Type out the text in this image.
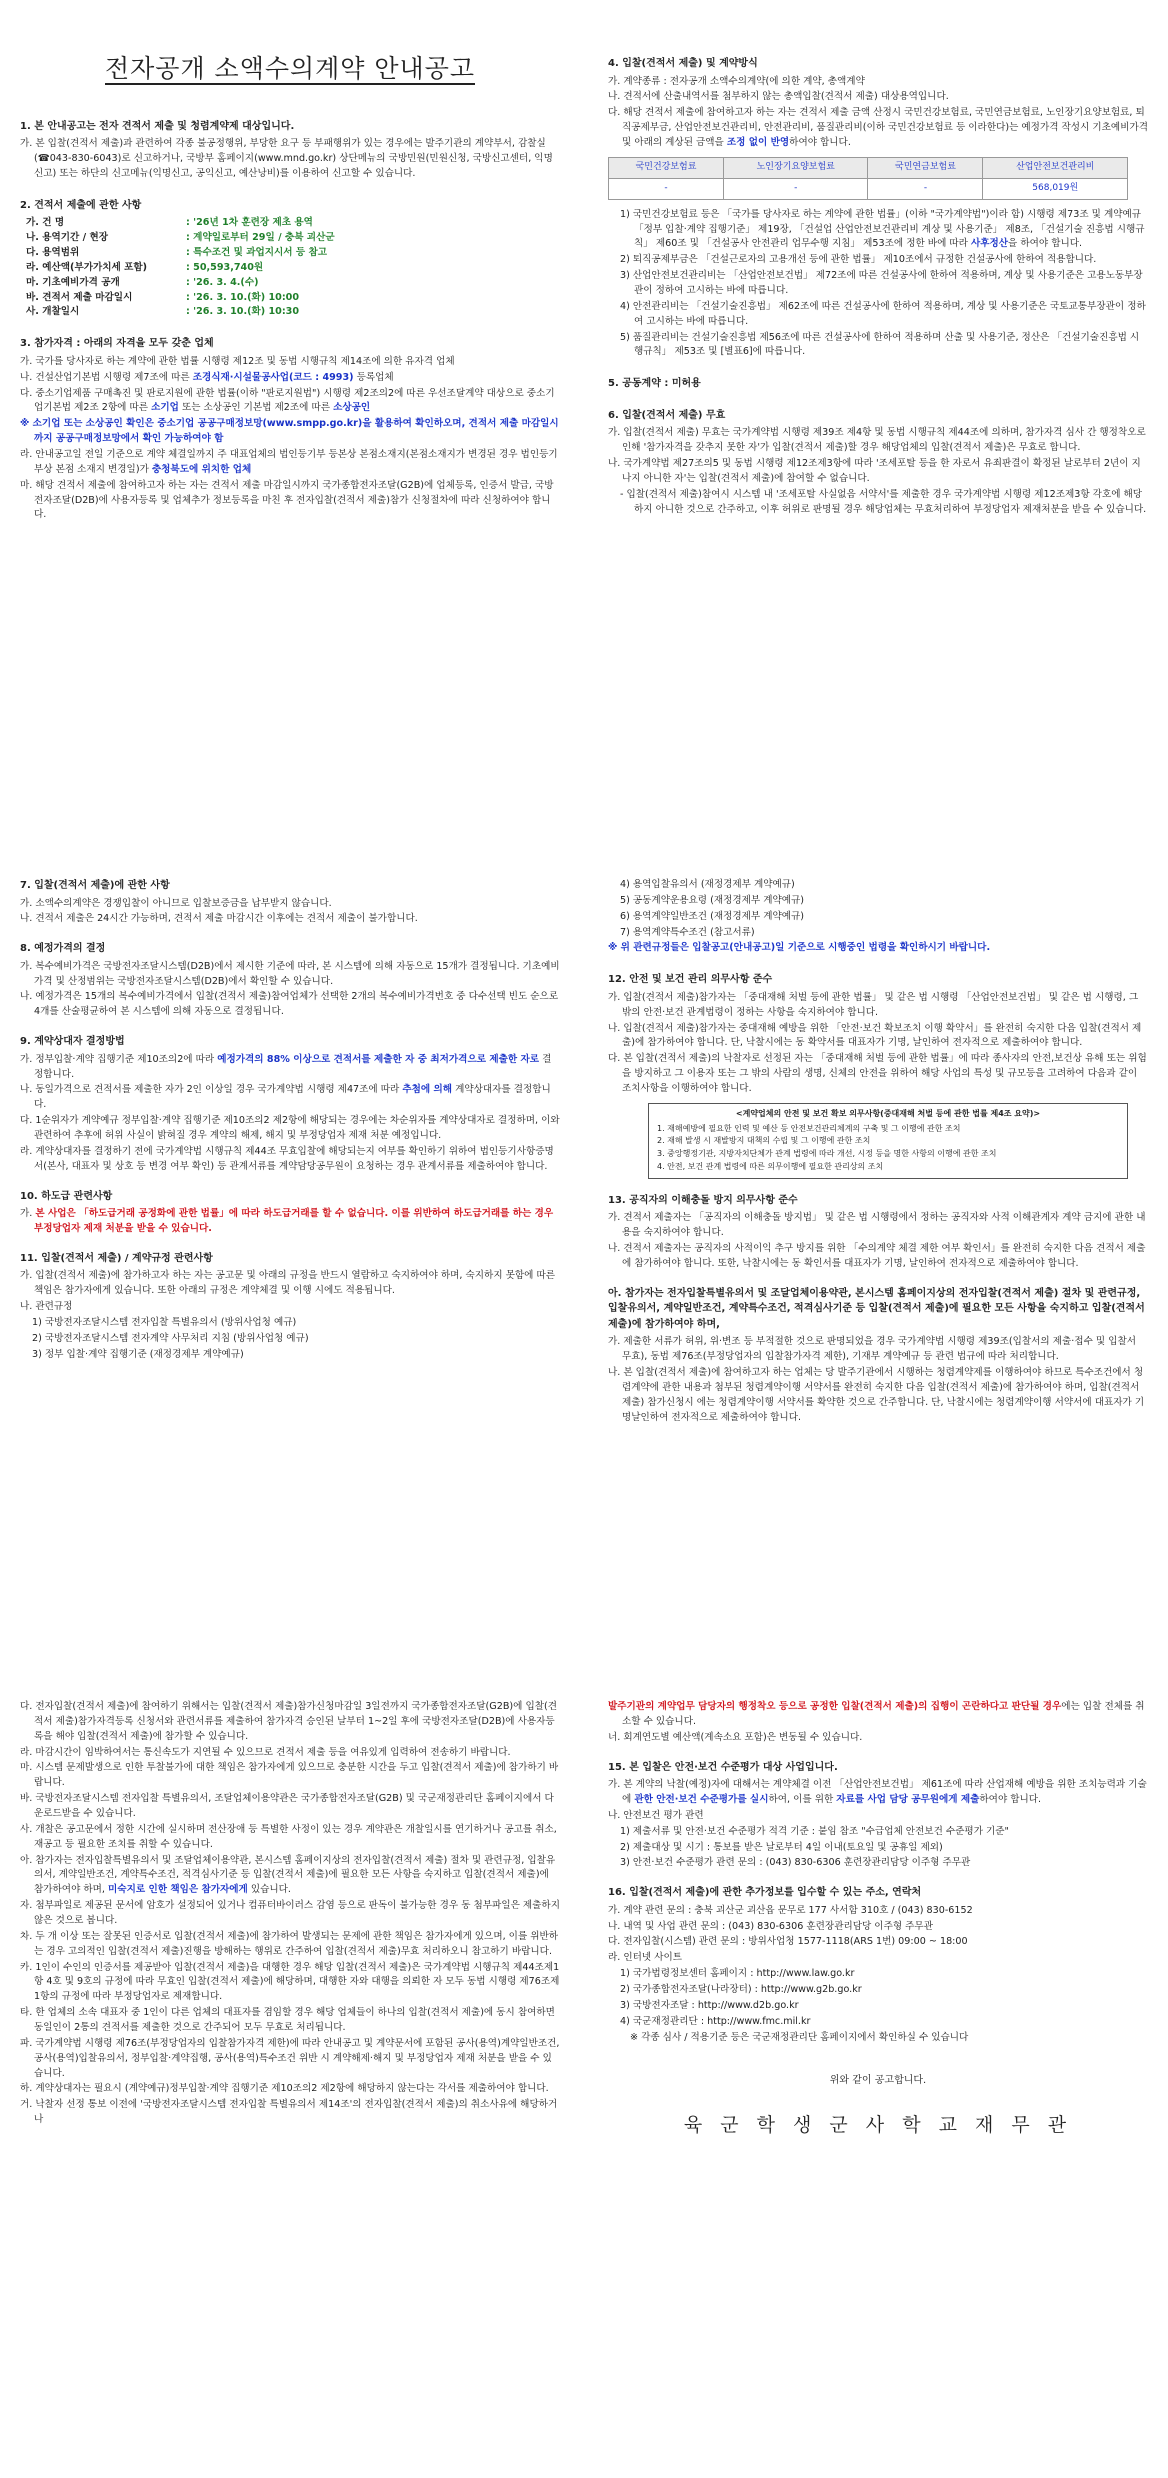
전자공개 소액수의계약 안내공고
1. 본 안내공고는 전자 견적서 제출 및 청렴계약제 대상입니다.
가. 본 입찰(견적서 제출)과 관련하여 각종 불공정행위, 부당한 요구 등 부패행위가 있는 경우에는 발주기관의 계약부서, 감찰실(☎043-830-6043)로 신고하거나, 국방부 홈페이지(www.mnd.go.kr) 상단메뉴의 국방민원(민원신청, 국방신고센터, 익명신고) 또는 하단의 신고메뉴(익명신고, 공익신고, 예산낭비)를 이용하여 신고할 수 있습니다.
2. 견적서 제출에 관한 사항
가. 건 명	: '26년 1차 훈련장 제초 용역
나. 용역기간 / 현장	: 계약일로부터 29일 / 충북 괴산군
다. 용역범위	: 특수조건 및 과업지시서 등 참고
라. 예산액(부가가치세 포함)	: 50,593,740원
마. 기초예비가격 공개	: '26. 3. 4.(수)
바. 견적서 제출 마감일시	: '26. 3. 10.(화) 10:00
사. 개찰일시	: '26. 3. 10.(화) 10:30
3. 참가자격 : 아래의 자격을 모두 갖춘 업체
가. 국가를 당사자로 하는 계약에 관한 법률 시행령 제12조 및 동법 시행규칙 제14조에 의한 유자격 업체
나. 건설산업기본법 시행령 제7조에 따른 조경식재·시설물공사업(코드 : 4993) 등록업체
다. 중소기업제품 구매촉진 및 판로지원에 관한 법률(이하 "판로지원법") 시행령 제2조의2에 따른 우선조달계약 대상으로 중소기업기본법 제2조 2항에 따른 소기업 또는 소상공인 기본법 제2조에 따른 소상공인
※ 소기업 또는 소상공인 확인은 중소기업 공공구매정보망(www.smpp.go.kr)을 활용하여 확인하오며, 견적서 제출 마감일시까지 공공구매정보망에서 확인 가능하여야 함
라. 안내공고일 전일 기준으로 계약 체결일까지 주 대표업체의 법인등기부 등본상 본점소재지(본점소재지가 변경된 경우 법인등기부상 본점 소재지 변경일)가 충청북도에 위치한 업체
마. 해당 견적서 제출에 참여하고자 하는 자는 견적서 제출 마감일시까지 국가종합전자조달(G2B)에 업체등록, 인증서 발급, 국방전자조달(D2B)에 사용자등록 및 업체추가 정보등록을 마친 후 전자입찰(견적서 제출)참가 신청절차에 따라 신청하여야 합니다.
4. 입찰(견적서 제출) 및 계약방식
가. 계약종류 : 전자공개 소액수의계약(에 의한 계약, 총액계약
나. 견적서에 산출내역서를 첨부하지 않는 총액입찰(견적서 제출) 대상용역입니다.
다. 해당 견적서 제출에 참여하고자 하는 자는 견적서 제출 금액 산정시 국민건강보험료, 국민연금보험료, 노인장기요양보험료, 퇴직공제부금, 산업안전보건관리비, 안전관리비, 품질관리비(이하 국민건강보험료 등 이라한다)는 예정가격 작성시 기초예비가격 및 아래의 계상된 금액을 조정 없이 반영하여야 합니다.
국민건강보험료	노인장기요양보험료	국민연금보험료	산업안전보건관리비
-	-	-	568,019원
1) 국민건강보험료 등은 「국가를 당사자로 하는 계약에 관한 법률」(이하 "국가계약법")이라 함) 시행령 제73조 및 계약예규 「정부 입찰·계약 집행기준」 제19장, 「건설업 산업안전보건관리비 계상 및 사용기준」 제8조, 「건설기술 진흥법 시행규칙」 제60조 및 「건설공사 안전관리 업무수행 지침」 제53조에 정한 바에 따라 사후정산을 하여야 합니다.
2) 퇴직공제부금은 「건설근로자의 고용개선 등에 관한 법률」 제10조에서 규정한 건설공사에 한하여 적용합니다.
3) 산업안전보건관리비는 「산업안전보건법」 제72조에 따른 건설공사에 한하여 적용하며, 계상 및 사용기준은 고용노동부장관이 정하여 고시하는 바에 따릅니다.
4) 안전관리비는 「건설기술진흥법」 제62조에 따른 건설공사에 한하여 적용하며, 계상 및 사용기준은 국토교통부장관이 정하여 고시하는 바에 따릅니다.
5) 품질관리비는 건설기술진흥법 제56조에 따른 건설공사에 한하여 적용하며 산출 및 사용기준, 정산은 「건설기술진흥법 시행규칙」 제53조 및 [별표6]에 따릅니다.
5. 공동계약 : 미허용
6. 입찰(견적서 제출) 무효
가. 입찰(견적서 제출) 무효는 국가계약법 시행령 제39조 제4항 및 동법 시행규칙 제44조에 의하며, 참가자격 심사 간 행정착오로 인해 '참가자격을 갖추지 못한 자'가 입찰(견적서 제출)할 경우 해당업체의 입찰(견적서 제출)은 무효로 합니다.
나. 국가계약법 제27조의5 및 동법 시행령 제12조제3항에 따라 '조세포탈 등을 한 자로서 유죄판결이 확정된 날로부터 2년이 지나지 아니한 자'는 입찰(견적서 제출)에 참여할 수 없습니다.
- 입찰(견적서 제출)참여시 시스템 내 '조세포탈 사실없음 서약서'를 제출한 경우 국가계약법 시행령 제12조제3항 각호에 해당하지 아니한 것으로 간주하고, 이후 허위로 판명될 경우 해당업체는 무효처리하여 부정당업자 제재처분을 받을 수 있습니다.
7. 입찰(견적서 제출)에 관한 사항
가. 소액수의계약은 경쟁입찰이 아니므로 입찰보증금을 납부받지 않습니다.
나. 견적서 제출은 24시간 가능하며, 견적서 제출 마감시간 이후에는 견적서 제출이 불가합니다.
8. 예정가격의 결정
가. 복수예비가격은 국방전자조달시스템(D2B)에서 제시한 기준에 따라, 본 시스템에 의해 자동으로 15개가 결정됩니다. 기초예비가격 및 산정범위는 국방전자조달시스템(D2B)에서 확인할 수 있습니다.
나. 예정가격은 15개의 복수예비가격에서 입찰(견적서 제출)참여업체가 선택한 2개의 복수예비가격번호 중 다수선택 빈도 순으로 4개를 산술평균하여 본 시스템에 의해 자동으로 결정됩니다.
9. 계약상대자 결정방법
가. 정부입찰·계약 집행기준 제10조의2에 따라 예정가격의 88% 이상으로 견적서를 제출한 자 중 최저가격으로 제출한 자로 결정합니다.
나. 동일가격으로 견적서를 제출한 자가 2인 이상일 경우 국가계약법 시행령 제47조에 따라 추첨에 의해 계약상대자를 결정합니다.
다. 1순위자가 계약예규 정부입찰·계약 집행기준 제10조의2 제2항에 해당되는 경우에는 차순위자를 계약상대자로 결정하며, 이와 관련하여 추후에 허위 사실이 밝혀질 경우 계약의 해제, 해지 및 부정당업자 제재 처분 예정입니다.
라. 계약상대자를 결정하기 전에 국가계약법 시행규칙 제44조 무효입찰에 해당되는지 여부를 확인하기 위하여 법인등기사항증명서(본사, 대표자 및 상호 등 변경 여부 확인) 등 관계서류를 계약담당공무원이 요청하는 경우 관계서류를 제출하여야 합니다.
10. 하도급 관련사항
가. 본 사업은 「하도급거래 공정화에 관한 법률」에 따라 하도급거래를 할 수 없습니다. 이를 위반하여 하도급거래를 하는 경우 부정당업자 제재 처분을 받을 수 있습니다.
11. 입찰(견적서 제출) / 계약규정 관련사항
가. 입찰(견적서 제출)에 참가하고자 하는 자는 공고문 및 아래의 규정을 반드시 열람하고 숙지하여야 하며, 숙지하지 못함에 따른 책임은 참가자에게 있습니다. 또한 아래의 규정은 계약체결 및 이행 시에도 적용됩니다.
나. 관련규정
1) 국방전자조달시스템 전자입찰 특별유의서 (방위사업청 예규)
2) 국방전자조달시스템 전자계약 사무처리 지침 (방위사업청 예규)
3) 정부 입찰·계약 집행기준 (재정경제부 계약예규)
4) 용역입찰유의서 (재정경제부 계약예규)
5) 공동계약운용요령 (재정경제부 계약예규)
6) 용역계약일반조건 (재정경제부 계약예규)
7) 용역계약특수조건 (참고서류)
※ 위 관련규정들은 입찰공고(안내공고)일 기준으로 시행중인 법령을 확인하시기 바랍니다.
12. 안전 및 보건 관리 의무사항 준수
가. 입찰(견적서 제출)참가자는 「중대재해 처벌 등에 관한 법률」 및 같은 법 시행령 「산업안전보건법」 및 같은 법 시행령, 그 밖의 안전·보건 관계법령이 정하는 사항을 숙지하여야 합니다.
나. 입찰(견적서 제출)참가자는 중대재해 예방을 위한 「안전·보건 확보조치 이행 확약서」를 완전히 숙지한 다음 입찰(견적서 제출)에 참가하여야 합니다. 단, 낙찰시에는 동 확약서를 대표자가 기명, 날인하여 전자적으로 제출하여야 합니다.
다. 본 입찰(견적서 제출)의 낙찰자로 선정된 자는 「중대재해 처벌 등에 관한 법률」에 따라 종사자의 안전,보건상 유해 또는 위험을 방지하고 그 이용자 또는 그 밖의 사람의 생명, 신체의 안전을 위하여 해당 사업의 특성 및 규모등을 고려하여 다음과 같이 조치사항을 이행하여야 합니다.
<계약업체의 안전 및 보건 확보 의무사항(중대재해 처벌 등에 관한 법률 제4조 요약)>
1. 재해예방에 필요한 인력 및 예산 등 안전보건관리체계의 구축 및 그 이행에 관한 조치
2. 재해 발생 시 재발방지 대책의 수립 및 그 이행에 관한 조치
3. 중앙행정기관, 지방자치단체가 관계 법령에 따라 개선, 시정 등을 명한 사항의 이행에 관한 조치
4. 안전, 보건 관계 법령에 따른 의무이행에 필요한 관리상의 조치
13. 공직자의 이해충돌 방지 의무사항 준수
가. 견적서 제출자는 「공직자의 이해충돌 방지법」 및 같은 법 시행령에서 정하는 공직자와 사적 이해관계자 계약 금지에 관한 내용을 숙지하여야 합니다.
나. 견적서 제출자는 공직자의 사적이익 추구 방지를 위한 「수의계약 체결 제한 여부 확인서」를 완전히 숙지한 다음 견적서 제출에 참가하여야 합니다. 또한, 낙찰시에는 동 확인서를 대표자가 기명, 날인하여 전자적으로 제출하여야 합니다.
아. 참가자는 전자입찰특별유의서 및 조달업체이용약관, 본시스템 홈페이지상의 전자입찰(견적서 제출) 절차 및 관련규정, 입찰유의서, 계약일반조건, 계약특수조건, 적격심사기준 등 입찰(견적서 제출)에 필요한 모든 사항을 숙지하고 입찰(견적서 제출)에 참가하여야 하며,
가. 제출한 서류가 허위, 위·변조 등 부적절한 것으로 판명되었을 경우 국가계약법 시행령 제39조(입찰서의 제출·접수 및 입찰서 무효), 동법 제76조(부정당업자의 입찰참가자격 제한), 기재부 계약예규 등 관련 법규에 따라 처리합니다.
나. 본 입찰(견적서 제출)에 참여하고자 하는 업체는 당 발주기관에서 시행하는 청렴계약제를 이행하여야 하므로 특수조건에서 청렴계약에 관한 내용과 첨부된 청렴계약이행 서약서를 완전히 숙지한 다음 입찰(견적서 제출)에 참가하여야 하며, 입찰(견적서 제출) 참가신청시 에는 청렴계약이행 서약서를 확약한 것으로 간주합니다. 단, 낙찰시에는 청렴계약이행 서약서에 대표자가 기명날인하여 전자적으로 제출하여야 합니다.
다. 전자입찰(견적서 제출)에 참여하기 위해서는 입찰(견적서 제출)참가신청마감일 3일전까지 국가종합전자조달(G2B)에 입찰(견적서 제출)참가자격등록 신청서와 관련서류를 제출하여 참가자격 승인된 날부터 1~2일 후에 국방전자조달(D2B)에 사용자등록을 해야 입찰(견적서 제출)에 참가할 수 있습니다.
라. 마감시간이 임박하여서는 통신속도가 지연될 수 있으므로 견적서 제출 등을 여유있게 입력하여 전송하기 바랍니다.
마. 시스템 문제발생으로 인한 투찰불가에 대한 책임은 참가자에게 있으므로 충분한 시간을 두고 입찰(견적서 제출)에 참가하기 바랍니다.
바. 국방전자조달시스템 전자입찰 특별유의서, 조달업체이용약관은 국가종합전자조달(G2B) 및 국군재정관리단 홈페이지에서 다운로드받을 수 있습니다.
사. 개찰은 공고문에서 정한 시간에 실시하며 전산장애 등 특별한 사정이 있는 경우 계약관은 개찰일시를 연기하거나 공고를 취소, 재공고 등 필요한 조치를 취할 수 있습니다.
아. 참가자는 전자입찰특별유의서 및 조달업체이용약관, 본시스템 홈페이지상의 전자입찰(견적서 제출) 절차 및 관련규정, 입찰유의서, 계약일반조건, 계약특수조건, 적격심사기준 등 입찰(견적서 제출)에 필요한 모든 사항을 숙지하고 입찰(견적서 제출)에 참가하여야 하며, 미숙지로 인한 책임은 참가자에게 있습니다.
자. 첨부파일로 제공된 문서에 암호가 설정되어 있거나 컴퓨터바이러스 감염 등으로 판독이 불가능한 경우 동 첨부파일은 제출하지 않은 것으로 봅니다.
차. 두 개 이상 또는 잘못된 인증서로 입찰(견적서 제출)에 참가하여 발생되는 문제에 관한 책임은 참가자에게 있으며, 이를 위반하는 경우 고의적인 입찰(견적서 제출)진행을 방해하는 행위로 간주하여 입찰(견적서 제출)무효 처리하오니 참고하기 바랍니다.
카. 1인이 수인의 인증서를 제공받아 입찰(견적서 제출)을 대행한 경우 해당 입찰(견적서 제출)은 국가계약법 시행규칙 제44조제1항 4호 및 9호의 규정에 따라 무효인 입찰(견적서 제출)에 해당하며, 대행한 자와 대행을 의뢰한 자 모두 동법 시행령 제76조제1항의 규정에 따라 부정당업자로 제재합니다.
타. 한 업체의 소속 대표자 중 1인이 다른 업체의 대표자를 겸임할 경우 해당 업체들이 하나의 입찰(견적서 제출)에 동시 참여하면 동일인이 2통의 견적서를 제출한 것으로 간주되어 모두 무효로 처리됩니다.
파. 국가계약법 시행령 제76조(부정당업자의 입찰참가자격 제한)에 따라 안내공고 및 계약문서에 포함된 공사(용역)계약일반조건, 공사(용역)입찰유의서, 정부입찰·계약집행, 공사(용역)특수조건 위반 시 계약해제·해지 및 부정당업자 제재 처분을 받을 수 있습니다.
하. 계약상대자는 필요시 (계약예규)정부입찰·계약 집행기준 제10조의2 제2항에 해당하지 않는다는 각서를 제출하여야 합니다.
거. 낙찰자 선정 통보 이전에 '국방전자조달시스템 전자입찰 특별유의서 제14조'의 전자입찰(견적서 제출)의 취소사유에 해당하거나
발주기관의 계약업무 담당자의 행정착오 등으로 공정한 입찰(견적서 제출)의 집행이 곤란하다고 판단될 경우에는 입찰 전체를 취소할 수 있습니다.
너. 회계연도별 예산액(계속소요 포함)은 변동될 수 있습니다.
15. 본 입찰은 안전·보건 수준평가 대상 사업입니다.
가. 본 계약의 낙찰(예정)자에 대해서는 계약체결 이전 「산업안전보건법」 제61조에 따라 산업재해 예방을 위한 조치능력과 기술에 관한 안전·보건 수준평가를 실시하여, 이를 위한 자료를 사업 담당 공무원에게 제출하여야 합니다.
나. 안전보건 평가 관련
1) 제출서류 및 안전·보건 수준평가 적격 기준 : 붙임 참조 "수급업체 안전보건 수준평가 기준"
2) 제출대상 및 시기 : 통보를 받은 날로부터 4일 이내(토요일 및 공휴일 제외)
3) 안전·보건 수준평가 관련 문의 : (043) 830-6306 훈련장관리담당 이주형 주무관
16. 입찰(견적서 제출)에 관한 추가정보를 입수할 수 있는 주소, 연락처
가. 계약 관련 문의 : 충북 괴산군 괴산읍 문무로 177 사서함 310호 / (043) 830-6152
나. 내역 및 사업 관련 문의 : (043) 830-6306 훈련장관리담당 이주형 주무관
다. 전자입찰(시스템) 관련 문의 : 방위사업청 1577-1118(ARS 1번) 09:00 ~ 18:00
라. 인터넷 사이트
1) 국가법령정보센터 홈페이지 : http://www.law.go.kr
2) 국가종합전자조달(나라장터) : http://www.g2b.go.kr
3) 국방전자조달 : http://www.d2b.go.kr
4) 국군재정관리단 : http://www.fmc.mil.kr
※ 각종 심사 / 적용기준 등은 국군재정관리단 홈페이지에서 확인하실 수 있습니다
위와 같이 공고합니다.
육 군 학 생 군 사 학 교 재 무 관
